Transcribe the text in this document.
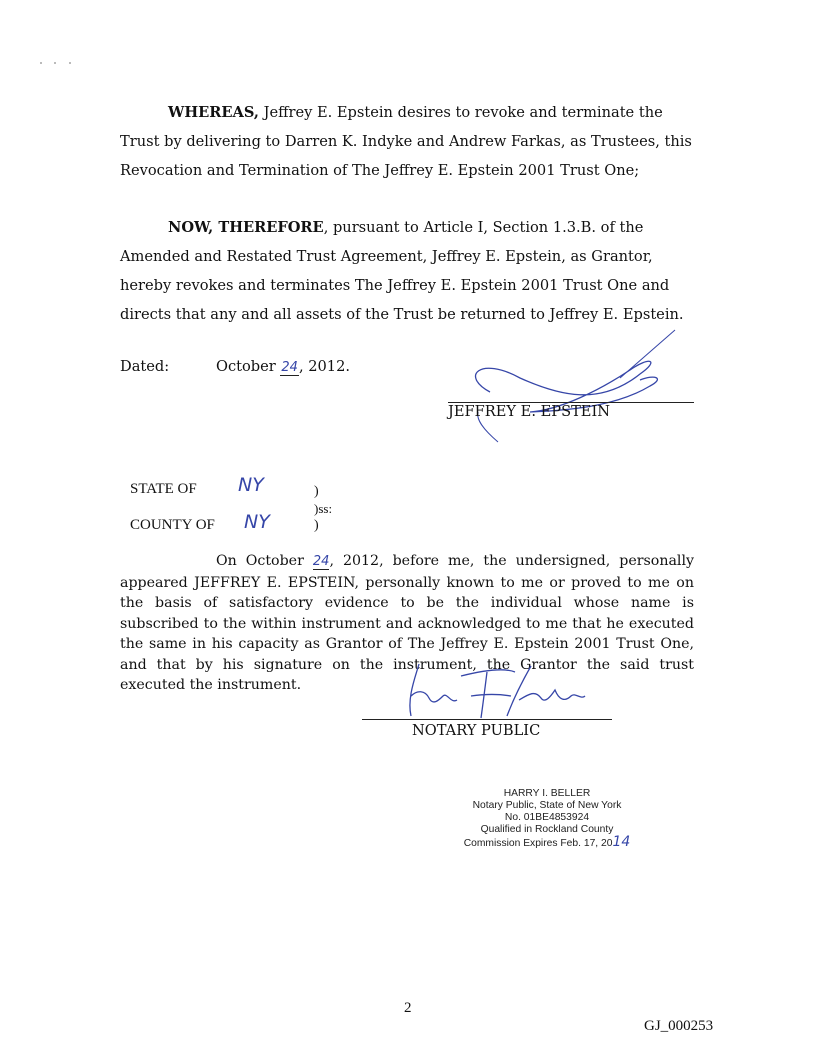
WHEREAS, Jeffrey E. Epstein desires to revoke and terminate the Trust by delivering to Darren K. Indyke and Andrew Farkas, as Trustees, this Revocation and Termination of The Jeffrey E. Epstein 2001 Trust One;

NOW, THEREFORE, pursuant to Article I, Section 1.3.B. of the Amended and Restated Trust Agreement, Jeffrey E. Epstein, as Grantor, hereby revokes and terminates The Jeffrey E. Epstein 2001 Trust One and directs that any and all assets of the Trust be returned to Jeffrey E. Epstein.

Dated:	October 24, 2012.
JEFFREY E. EPSTEIN
STATE OF NY	)
)ss:
COUNTY OF NY	)

On October 24, 2012, before me, the undersigned, personally appeared JEFFREY E. EPSTEIN, personally known to me or proved to me on the basis of satisfactory evidence to be the individual whose name is subscribed to the within instrument and acknowledged to me that he executed the same in his capacity as Grantor of The Jeffrey E. Epstein 2001 Trust One, and that by his signature on the instrument, the Grantor the said trust executed the instrument.

NOTARY PUBLIC
HARRY I. BELLER
Notary Public, State of New York
No. 01BE4853924
Qualified in Rockland County
Commission Expires Feb. 17, 2014
2
GJ_000253
